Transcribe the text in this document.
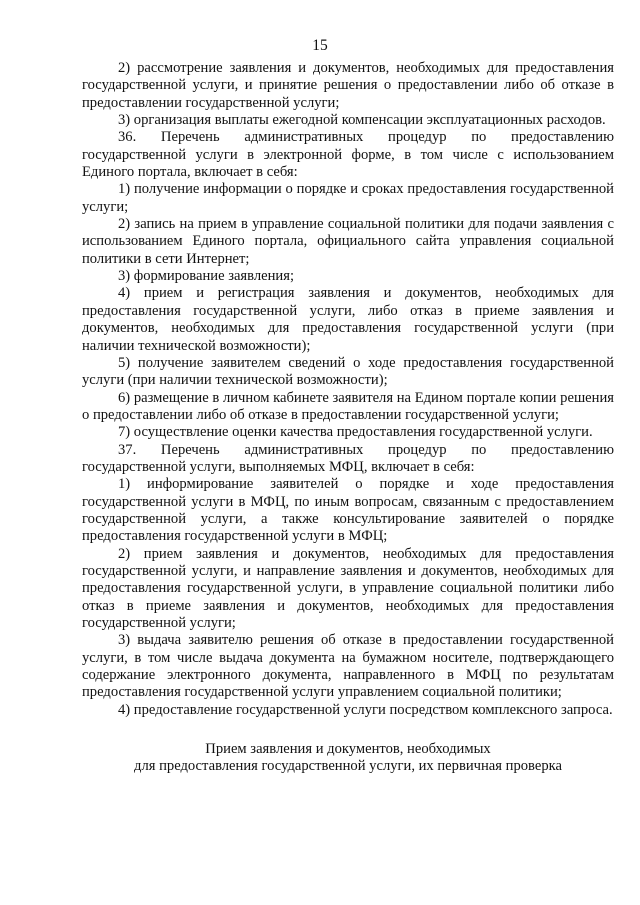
15

2) рассмотрение заявления и документов, необходимых для предоставления государственной услуги, и принятие решения о предоставлении либо об отказе в предоставлении государственной услуги;

3) организация выплаты ежегодной компенсации эксплуатационных расходов.

36. Перечень административных процедур по предоставлению государственной услуги в электронной форме, в том числе с использованием Единого портала, включает в себя:

1) получение информации о порядке и сроках предоставления государственной услуги;

2) запись на прием в управление социальной политики для подачи заявления с использованием Единого портала, официального сайта управления социальной политики в сети Интернет;

3) формирование заявления;

4) прием и регистрация заявления и документов, необходимых для предоставления государственной услуги, либо отказ в приеме заявления и документов, необходимых для предоставления государственной услуги (при наличии технической возможности);

5) получение заявителем сведений о ходе предоставления государственной услуги (при наличии технической возможности);

6) размещение в личном кабинете заявителя на Едином портале копии решения о предоставлении либо об отказе в предоставлении государственной услуги;

7) осуществление оценки качества предоставления государственной услуги.

37. Перечень административных процедур по предоставлению государственной услуги, выполняемых МФЦ, включает в себя:

1) информирование заявителей о порядке и ходе предоставления государственной услуги в МФЦ, по иным вопросам, связанным с предоставлением государственной услуги, а также консультирование заявителей о порядке предоставления государственной услуги в МФЦ;

2) прием заявления и документов, необходимых для предоставления государственной услуги, и направление заявления и документов, необходимых для предоставления государственной услуги, в управление социальной политики либо отказ в приеме заявления и документов, необходимых для предоставления государственной услуги;

3) выдача заявителю решения об отказе в предоставлении государственной услуги, в том числе выдача документа на бумажном носителе, подтверждающего содержание электронного документа, направленного в МФЦ по результатам предоставления государственной услуги управлением социальной политики;

4) предоставление государственной услуги посредством комплексного запроса.

Прием заявления и документов, необходимых

для предоставления государственной услуги, их первичная проверка
